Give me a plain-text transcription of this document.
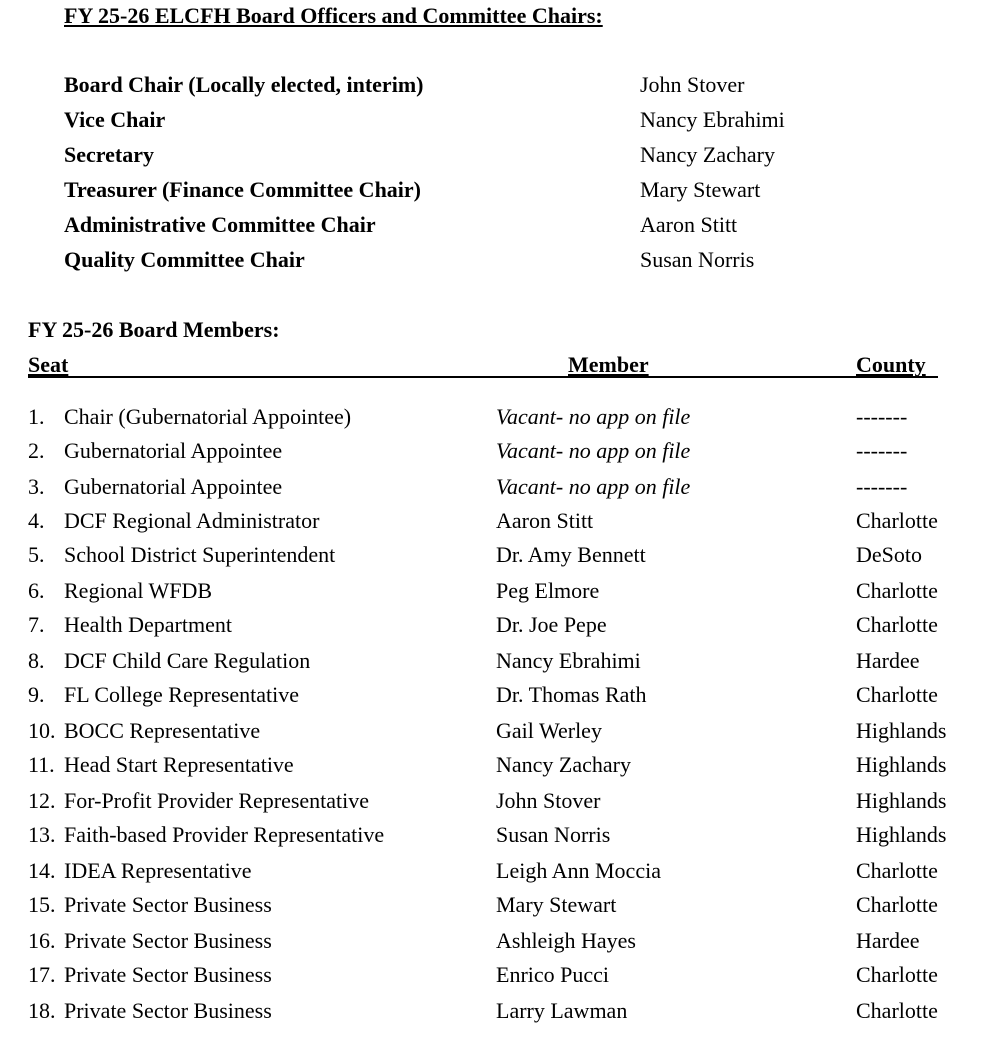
FY 25-26 ELCFH Board Officers and Committee Chairs:
Board Chair (Locally elected, interim)	John Stover
Vice Chair	Nancy Ebrahimi
Secretary	Nancy Zachary
Treasurer (Finance Committee Chair)	Mary Stewart
Administrative Committee Chair	Aaron Stitt
Quality Committee Chair	Susan Norris
FY 25-26 Board Members:
Seat	Member	County
1. Chair (Gubernatorial Appointee)	Vacant- no app on file	-------
2. Gubernatorial Appointee	Vacant- no app on file	-------
3. Gubernatorial Appointee	Vacant- no app on file	-------
4. DCF Regional Administrator	Aaron Stitt	Charlotte
5. School District Superintendent	Dr. Amy Bennett	DeSoto
6. Regional WFDB	Peg Elmore	Charlotte
7. Health Department	Dr. Joe Pepe	Charlotte
8. DCF Child Care Regulation	Nancy Ebrahimi	Hardee
9. FL College Representative	Dr. Thomas Rath	Charlotte
10. BOCC Representative	Gail Werley	Highlands
11. Head Start Representative	Nancy Zachary	Highlands
12. For-Profit Provider Representative	John Stover	Highlands
13. Faith-based Provider Representative	Susan Norris	Highlands
14. IDEA Representative	Leigh Ann Moccia	Charlotte
15. Private Sector Business	Mary Stewart	Charlotte
16. Private Sector Business	Ashleigh Hayes	Hardee
17. Private Sector Business	Enrico Pucci	Charlotte
18. Private Sector Business	Larry Lawman	Charlotte
